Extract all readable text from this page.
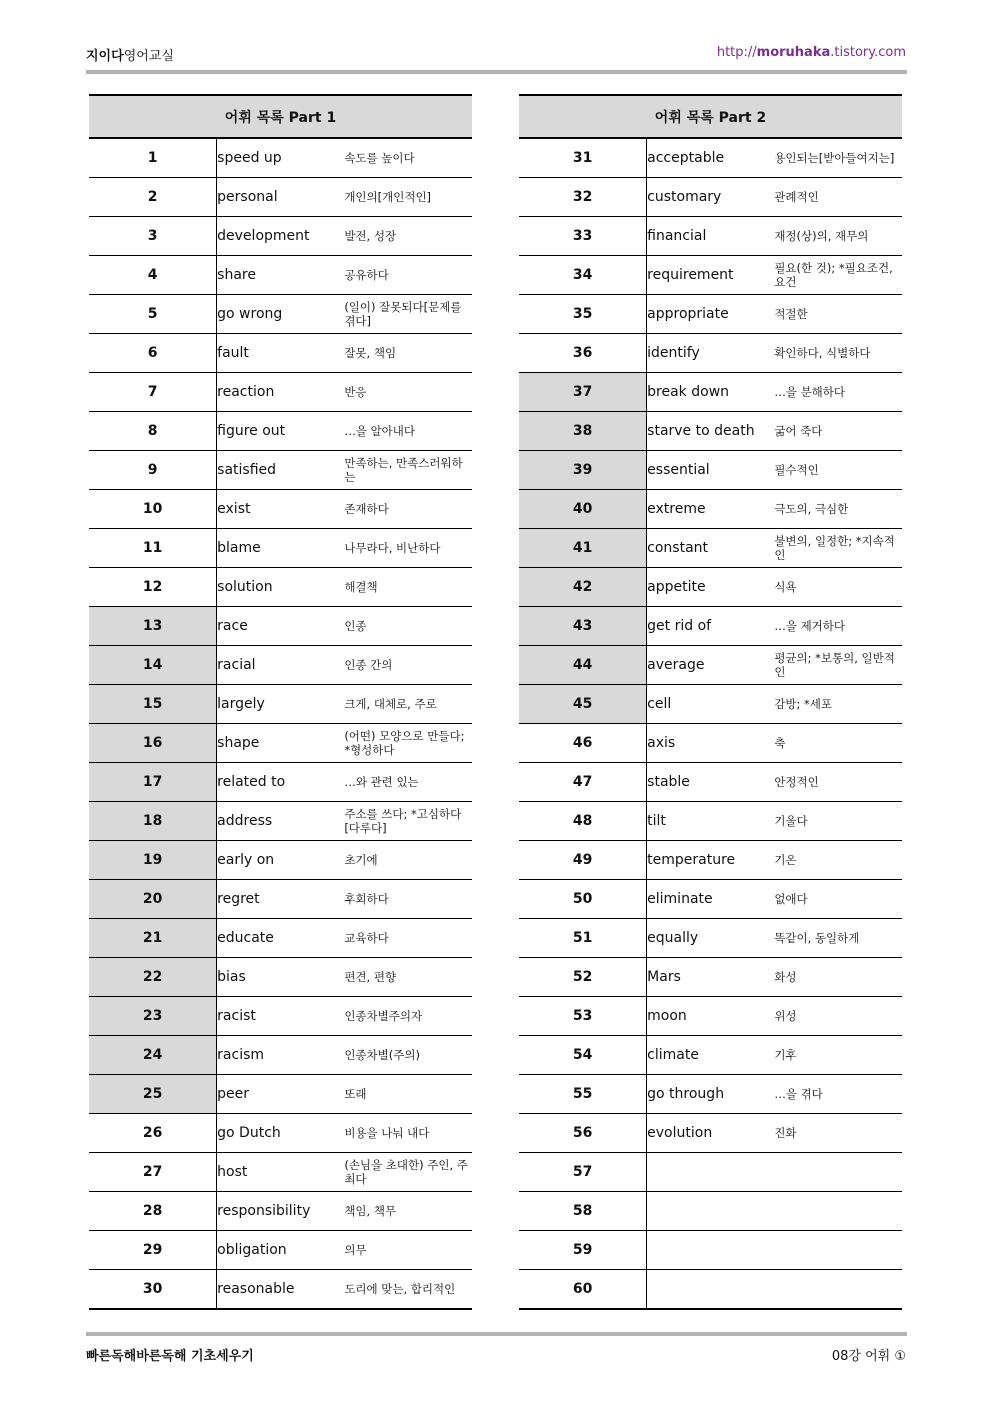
지이다영어교실	http://moruhaka.tistory.com
어휘 목록 Part 1		
1	speed up	속도를 높이다
2	personal	개인의[개인적인]
3	development	발전, 성장
4	share	공유하다
5	go wrong	(일이) 잘못되다[문제를 겪다]
6	fault	잘못, 책임
7	reaction	반응
8	figure out	…을 알아내다
9	satisfied	만족하는, 만족스러워하는
10	exist	존재하다
11	blame	나무라다, 비난하다
12	solution	해결책
13	race	인종
14	racial	인종 간의
15	largely	크게, 대체로, 주로
16	shape	(어떤) 모양으로 만들다; *형성하다
17	related to	…와 관련 있는
18	address	주소를 쓰다; *고심하다[다루다]
19	early on	초기에
20	regret	후회하다
21	educate	교육하다
22	bias	편견, 편향
23	racist	인종차별주의자
24	racism	인종차별(주의)
25	peer	또래
26	go Dutch	비용을 나눠 내다
27	host	(손님을 초대한) 주인, 주최다
28	responsibility	책임, 책무
29	obligation	의무
30	reasonable	도리에 맞는, 합리적인
어휘 목록 Part 2		
31	acceptable	용인되는[받아들여지는]
32	customary	관례적인
33	financial	재정(상)의, 재무의
34	requirement	필요(한 것); *필요조건, 요건
35	appropriate	적절한
36	identify	확인하다, 식별하다
37	break down	…을 분해하다
38	starve to death	굶어 죽다
39	essential	필수적인
40	extreme	극도의, 극심한
41	constant	불변의, 일정한; *지속적인
42	appetite	식욕
43	get rid of	…을 제거하다
44	average	평균의; *보통의, 일반적인
45	cell	감방; *세포
46	axis	축
47	stable	안정적인
48	tilt	기울다
49	temperature	기온
50	eliminate	없애다
51	equally	똑같이, 동일하게
52	Mars	화성
53	moon	위성
54	climate	기후
55	go through	…을 겪다
56	evolution	진화
57		
58		
59		
60		
빠른독해바른독해 기초세우기	08강 어휘 ①
